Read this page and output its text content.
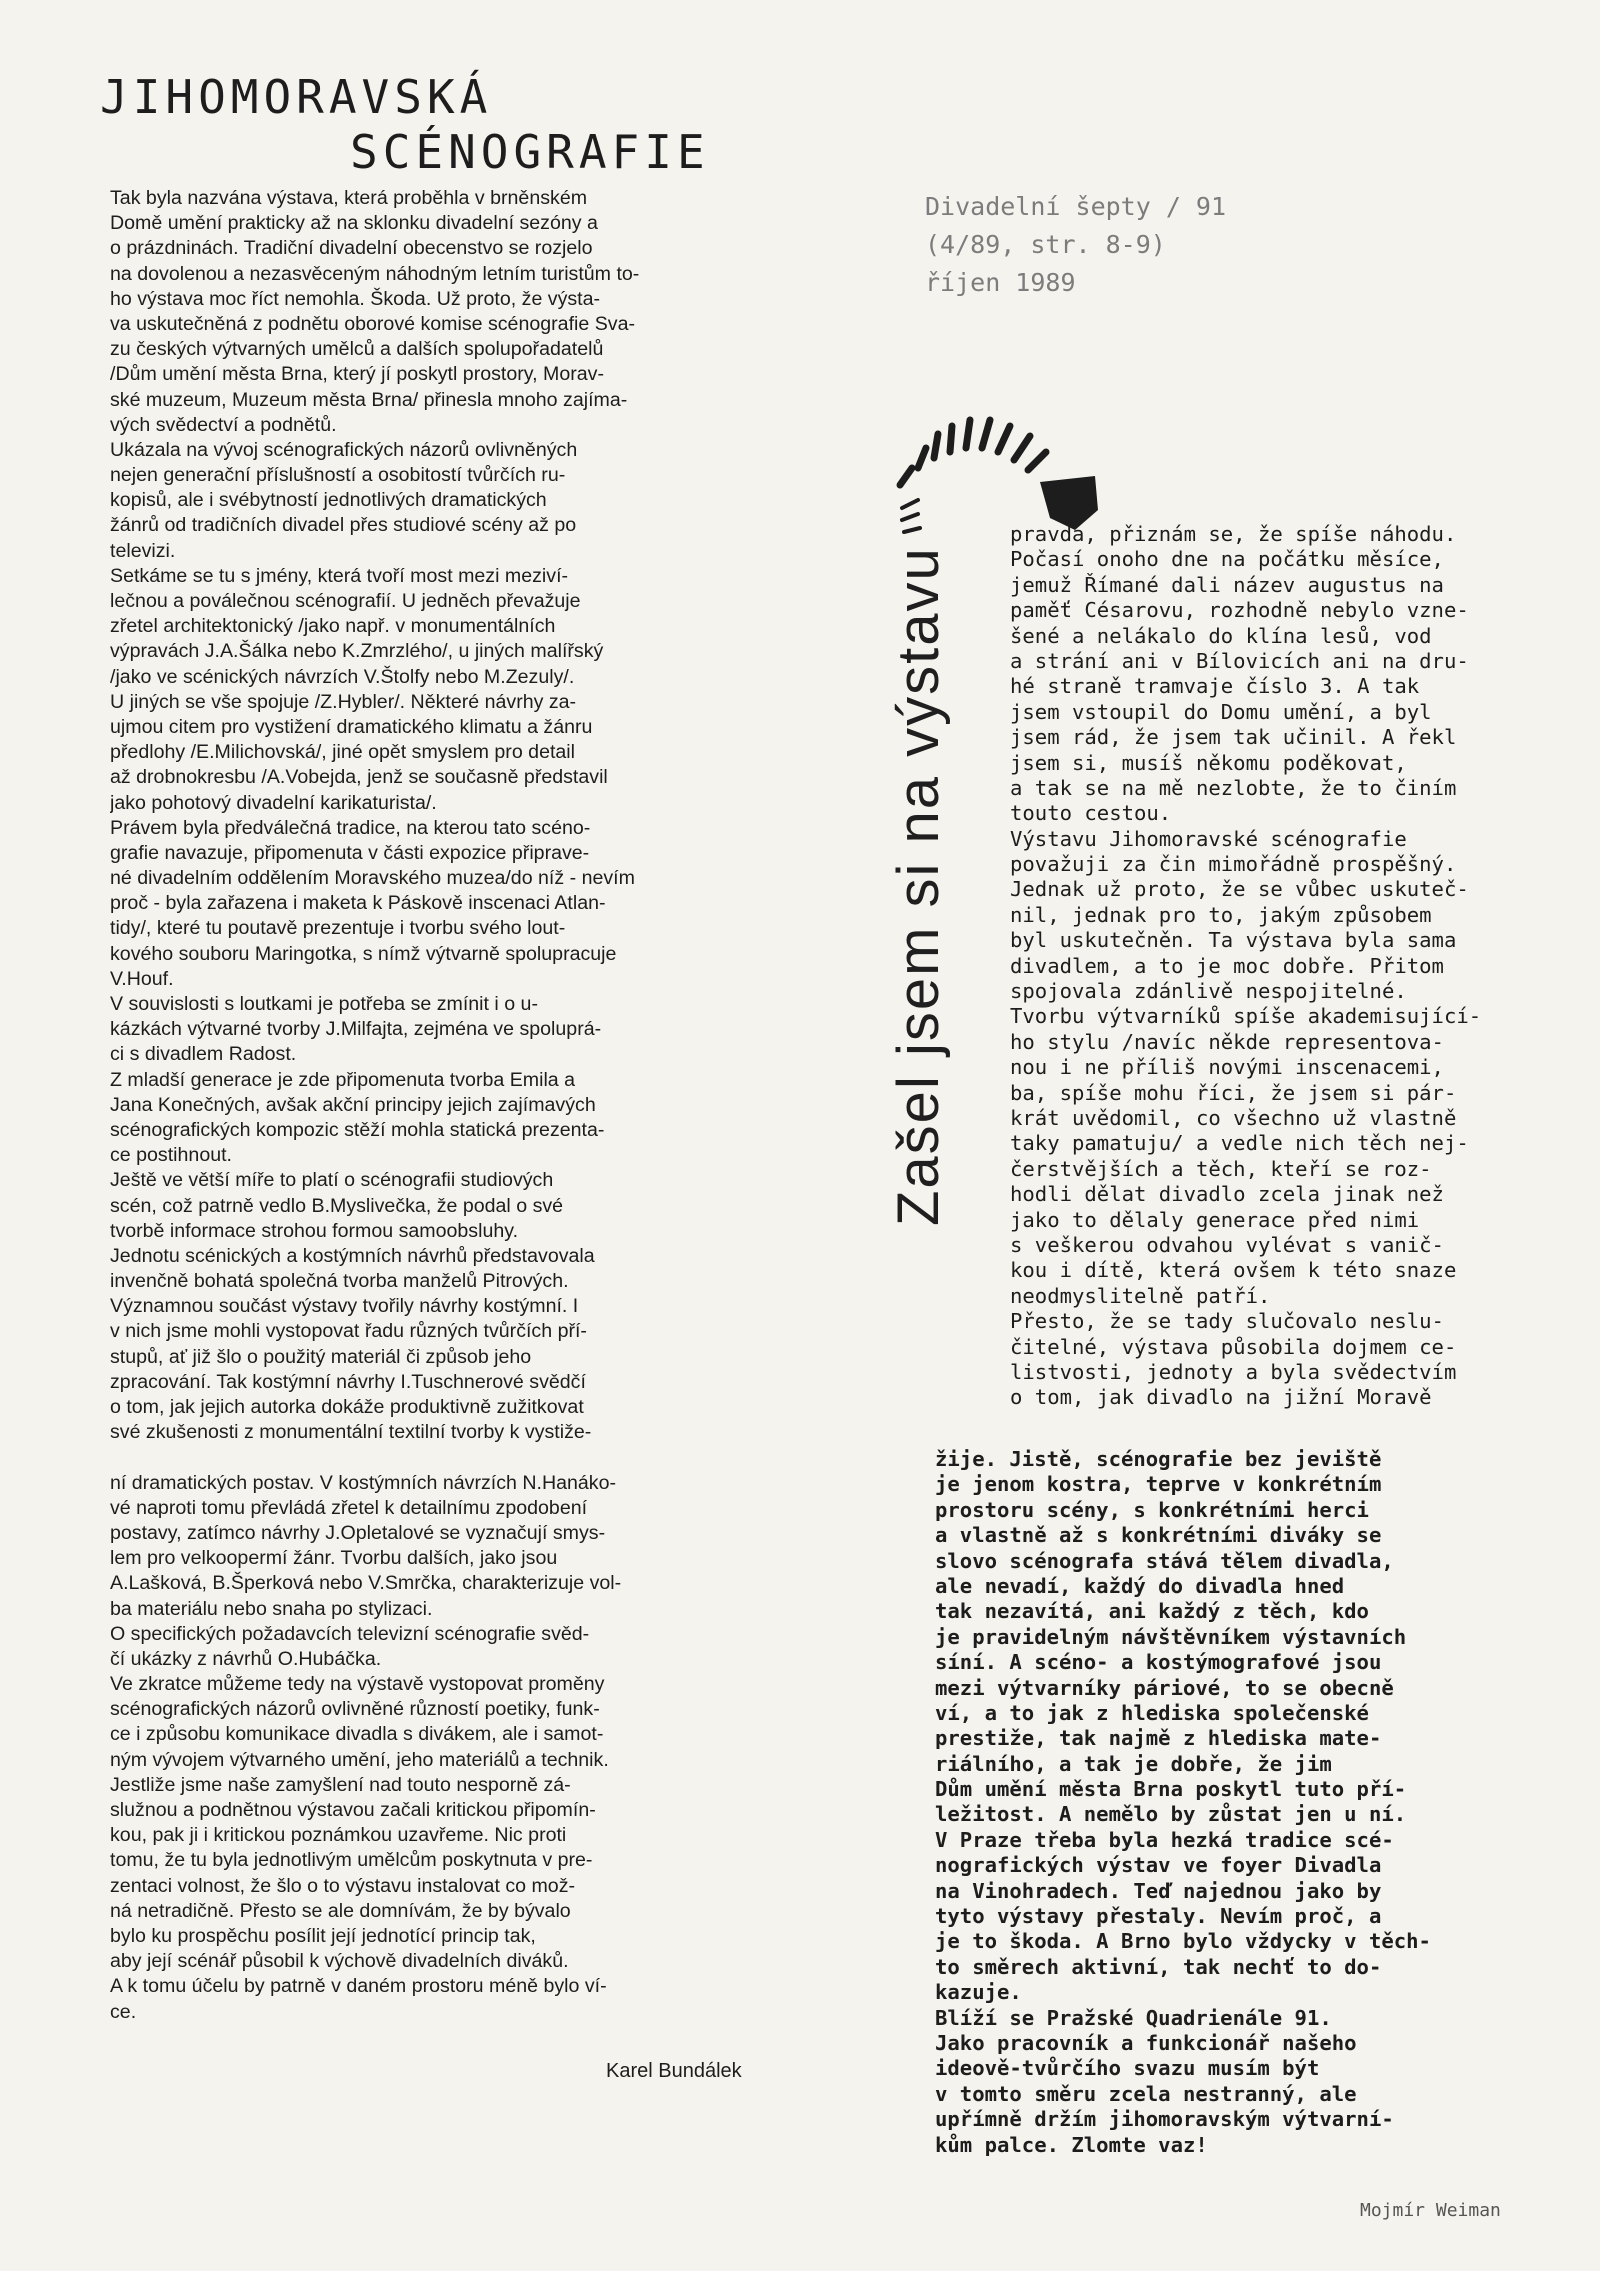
JIHOMORAVSKÁ
SCÉNOGRAFIE
Tak byla nazvána výstava, která proběhla v brněnském
Domě umění prakticky až na sklonku divadelní sezóny a
o prázdninách. Tradiční divadelní obecenstvo se rozjelo
na dovolenou a nezasvěceným náhodným letním turistům to-
ho výstava moc říct nemohla. Škoda. Už proto, že výsta-
va uskutečněná z podnětu oborové komise scénografie Sva-
zu českých výtvarných umělců a dalších spolupořadatelů
/Dům umění města Brna, který jí poskytl prostory, Morav-
ské muzeum, Muzeum města Brna/ přinesla mnoho zajíma-
vých svědectví a podnětů.
Ukázala na vývoj scénografických názorů ovlivněných
nejen generační příslušností a osobitostí tvůrčích ru-
kopisů, ale i svébytností jednotlivých dramatických
žánrů od tradičních divadel přes studiové scény až po
televizi.
Setkáme se tu s jmény, která tvoří most mezi meziví-
lečnou a poválečnou scénografií. U jedněch převažuje
zřetel architektonický /jako např. v monumentálních
výpravách J.A.Šálka nebo K.Zmrzlého/, u jiných malířský
/jako ve scénických návrzích V.Štolfy nebo M.Zezuly/.
U jiných se vše spojuje /Z.Hybler/. Některé návrhy za-
ujmou citem pro vystižení dramatického klimatu a žánru
předlohy /E.Milichovská/, jiné opět smyslem pro detail
až drobnokresbu /A.Vobejda, jenž se současně představil
jako pohotový divadelní karikaturista/.
Právem byla předválečná tradice, na kterou tato scéno-
grafie navazuje, připomenuta v části expozice připrave-
né divadelním oddělením Moravského muzea/do níž - nevím
proč - byla zařazena i maketa k Páskově inscenaci Atlan-
tidy/, které tu poutavě prezentuje i tvorbu svého lout-
kového souboru Maringotka, s nímž výtvarně spolupracuje
V.Houf.
V souvislosti s loutkami je potřeba se zmínit i o u-
kázkách výtvarné tvorby J.Milfajta, zejména ve spoluprá-
ci s divadlem Radost.
Z mladší generace je zde připomenuta tvorba Emila a
Jana Konečných, avšak akční principy jejich zajímavých
scénografických kompozic stěží mohla statická prezenta-
ce postihnout.
Ještě ve větší míře to platí o scénografii studiových
scén, což patrně vedlo B.Myslivečka, že podal o své
tvorbě informace strohou formou samoobsluhy.
Jednotu scénických a kostýmních návrhů představovala
invenčně bohatá společná tvorba manželů Pitrových.
Významnou součást výstavy tvořily návrhy kostýmní. I
v nich jsme mohli vystopovat řadu různých tvůrčích pří-
stupů, ať již šlo o použitý materiál či způsob jeho
zpracování. Tak kostýmní návrhy I.Tuschnerové svědčí
o tom, jak jejich autorka dokáže produktivně zužitkovat
své zkušenosti z monumentální textilní tvorby k vystiže-
ní dramatických postav. V kostýmních návrzích N.Hanáko-
vé naproti tomu převládá zřetel k detailnímu zpodobení
postavy, zatímco návrhy J.Opletalové se vyznačují smys-
lem pro velkoopermí žánr. Tvorbu dalších, jako jsou
A.Lašková, B.Šperková nebo V.Smrčka, charakterizuje vol-
ba materiálu nebo snaha po stylizaci.
O specifických požadavcích televizní scénografie svěd-
čí ukázky z návrhů O.Hubáčka.
Ve zkratce můžeme tedy na výstavě vystopovat proměny
scénografických názorů ovlivněné růzností poetiky, funk-
ce i způsobu komunikace divadla s divákem, ale i samot-
ným vývojem výtvarného umění, jeho materiálů a technik.
Jestliže jsme naše zamyšlení nad touto nesporně zá-
služnou a podnětnou výstavou začali kritickou připomín-
kou, pak ji i kritickou poznámkou uzavřeme. Nic proti
tomu, že tu byla jednotlivým umělcům poskytnuta v pre-
zentaci volnost, že šlo o to výstavu instalovat co mož-
ná netradičně. Přesto se ale domnívám, že by bývalo
bylo ku prospěchu posílit její jednotící princip tak,
aby její scénář působil k výchově divadelních diváků.
A k tomu účelu by patrně v daném prostoru méně bylo ví-
ce.
Karel Bundálek
Divadelní šepty / 91
(4/89, str. 8-9)
říjen 1989
Zašel jsem si na výstavu
pravda, přiznám se, že spíše náhodu.
Počasí onoho dne na počátku měsíce,
jemuž Římané dali název augustus na
paměť Césarovu, rozhodně nebylo vzne-
šené a nelákalo do klína lesů, vod
a strání ani v Bílovicích ani na dru-
hé straně tramvaje číslo 3. A tak
jsem vstoupil do Domu umění, a byl
jsem rád, že jsem tak učinil. A řekl
jsem si, musíš někomu poděkovat,
a tak se na mě nezlobte, že to činím
touto cestou.
Výstavu Jihomoravské scénografie
považuji za čin mimořádně prospěšný.
Jednak už proto, že se vůbec uskuteč-
nil, jednak pro to, jakým způsobem
byl uskutečněn. Ta výstava byla sama
divadlem, a to je moc dobře. Přitom
spojovala zdánlivě nespojitelné.
Tvorbu výtvarníků spíše akademisující-
ho stylu /navíc někde representova-
nou i ne příliš novými inscenacemi,
ba, spíše mohu říci, že jsem si pár-
krát uvědomil, co všechno už vlastně
taky pamatuju/ a vedle nich těch nej-
čerstvějších a těch, kteří se roz-
hodli dělat divadlo zcela jinak než
jako to dělaly generace před nimi
s veškerou odvahou vylévat s vanič-
kou i dítě, která ovšem k této snaze
neodmyslitelně patří.
Přesto, že se tady slučovalo neslu-
čitelné, výstava působila dojmem ce-
listvosti, jednoty a byla svědectvím
o tom, jak divadlo na jižní Moravě
žije. Jistě, scénografie bez jeviště
je jenom kostra, teprve v konkrétním
prostoru scény, s konkrétními herci
a vlastně až s konkrétními diváky se
slovo scénografa stává tělem divadla,
ale nevadí, každý do divadla hned
tak nezavítá, ani každý z těch, kdo
je pravidelným návštěvníkem výstavních
síní. A scéno- a kostýmografové jsou
mezi výtvarníky páriové, to se obecně
ví, a to jak z hlediska společenské
prestiže, tak najmě z hlediska mate-
riálního, a tak je dobře, že jim
Dům umění města Brna poskytl tuto pří-
ležitost. A nemělo by zůstat jen u ní.
V Praze třeba byla hezká tradice scé-
nografických výstav ve foyer Divadla
na Vinohradech. Teď najednou jako by
tyto výstavy přestaly. Nevím proč, a
je to škoda. A Brno bylo vždycky v těch-
to směrech aktivní, tak nechť to do-
kazuje.
Blíží se Pražské Quadrienále 91.
Jako pracovník a funkcionář našeho
ideově-tvůrčího svazu musím být
v tomto směru zcela nestranný, ale
upřímně držím jihomoravským výtvarní-
kům palce. Zlomte vaz!
Mojmír Weiman
